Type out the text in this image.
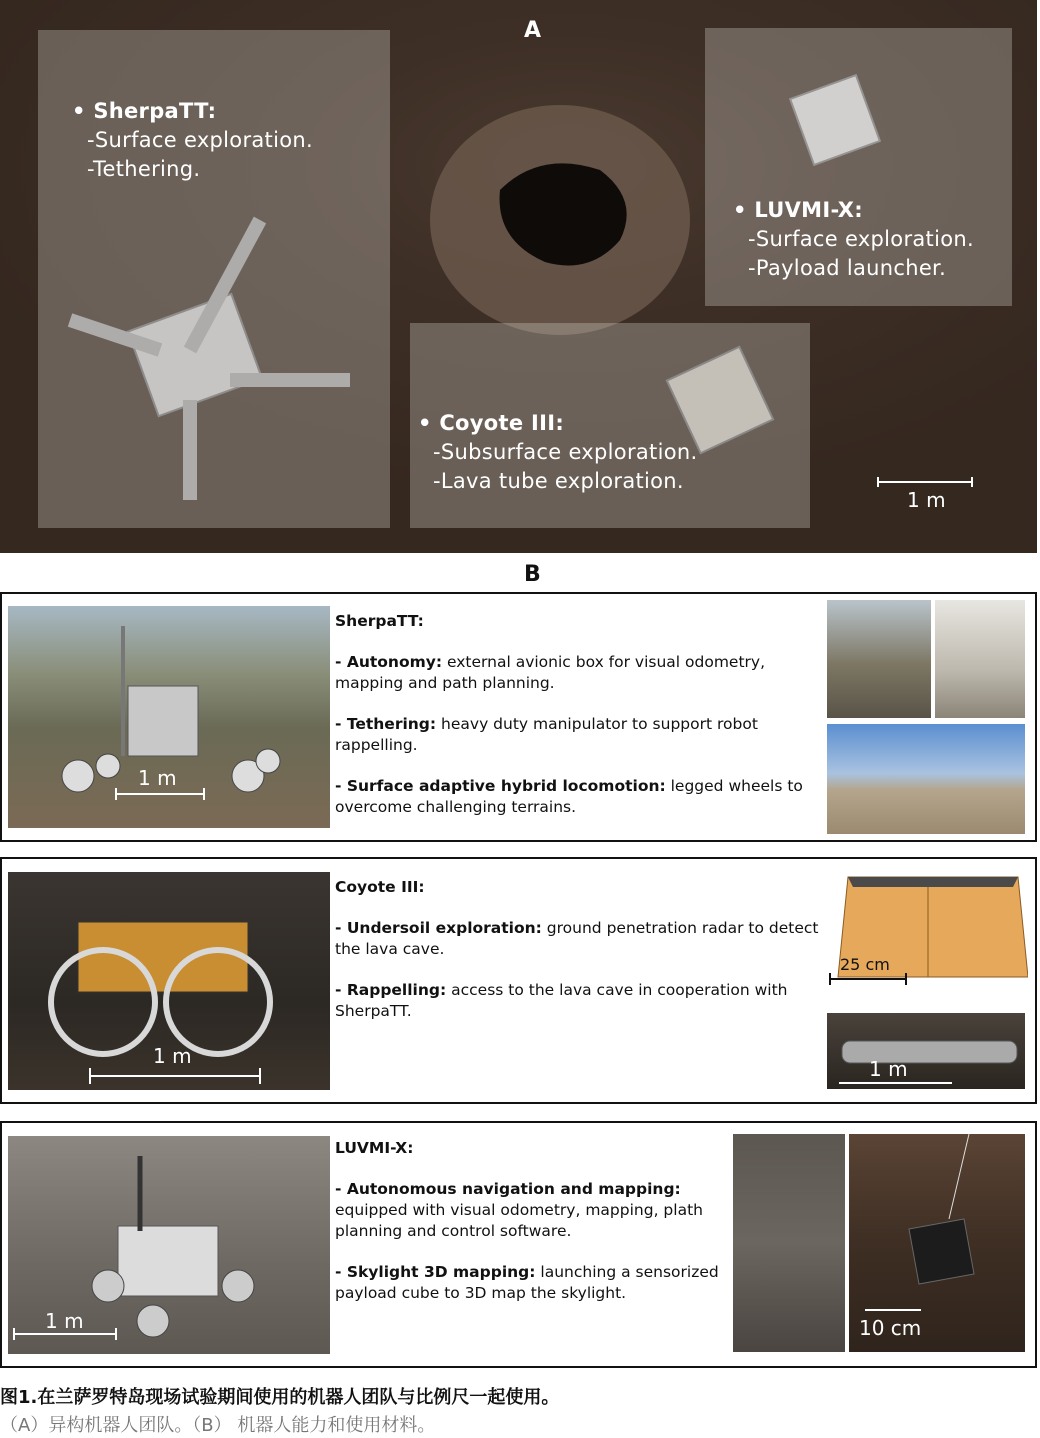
A
• SherpaTT:
-Surface exploration.
-Tethering.
• LUVMI-X:
-Surface exploration.
-Payload launcher.
• Coyote III:
-Subsurface exploration.
-Lava tube exploration.
1 m
B
1 m

SherpaTT:

- Autonomy: external avionic box for visual odometry, mapping and path planning.

- Tethering: heavy duty manipulator to support robot rappelling.

- Surface adaptive hybrid locomotion: legged wheels to overcome challenging terrains.

1 m

Coyote III:

- Undersoil exploration: ground penetration radar to detect the lava cave.

- Rappelling: access to the lava cave in cooperation with SherpaTT.

25 cm
1 m
1 m

LUVMI-X:

- Autonomous navigation and mapping: equipped with visual odometry, mapping, plath planning and control software.

- Skylight 3D mapping: launching a sensorized payload cube to 3D map the skylight.

10 cm
图1.在兰萨罗特岛现场试验期间使用的机器人团队与比例尺一起使用。
（A）异构机器人团队。（B） 机器人能力和使用材料。
